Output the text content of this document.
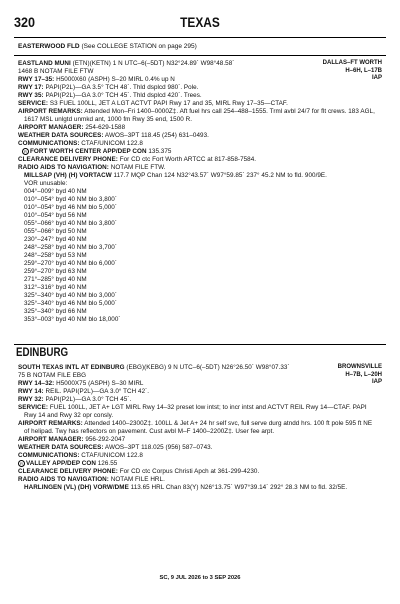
320	TEXAS
EASTERWOOD FLD (See COLLEGE STATION on page 295)
EASTLAND MUNI (ETN)(KETN) 1 N UTC–6(–5DT) N32°24.89´ W98°48.58´
1468 B NOTAM FILE FTW
RWY 17–35: H5000X60 (ASPH) S–20 MIRL 0.4% up N
RWY 17: PAPI(P2L)—GA 3.5° TCH 48´. Thld dsplcd 980´. Pole.
RWY 35: PAPI(P2L)—GA 3.0° TCH 45´. Thld dsplcd 420´. Trees.
SERVICE: S3 FUEL 100LL, JET A LGT ACTVT PAPI Rwy 17 and 35, MIRL Rwy 17–35—CTAF.
AIRPORT REMARKS: Attended Mon–Fri 1400–0000Z‡. Aft fuel hrs call 254–488–1555. Trml avbl 24/7 for flt crews. 183 AGL,
1617 MSL unlgtd unmkd ant, 1000 fm Rwy 35 end, 1500 R.
AIRPORT MANAGER: 254-629-1588
WEATHER DATA SOURCES: AWOS–3PT 118.45 (254) 631–0493.
COMMUNICATIONS: CTAF/UNICOM 122.8
R FORT WORTH CENTER APP/DEP CON 135.375
CLEARANCE DELIVERY PHONE: For CD ctc Fort Worth ARTCC at 817-858-7584.
RADIO AIDS TO NAVIGATION: NOTAM FILE FTW.
MILLSAP (VH) (H) VORTACW 117.7 MQP Chan 124 N32°43.57´ W97°59.85´ 237° 45.2 NM to fld. 900/9E.
VOR unusable:
004°–009° byd 40 NM
010°–054° byd 40 NM blo 3,800´
010°–054° byd 46 NM blo 5,000´
010°–054° byd 56 NM
055°–066° byd 40 NM blo 3,800´
055°–066° byd 50 NM
230°–247° byd 40 NM
248°–258° byd 40 NM blo 3,700´
248°–258° byd 53 NM
259°–270° byd 40 NM blo 6,000´
259°–270° byd 63 NM
271°–285° byd 40 NM
312°–316° byd 40 NM
325°–340° byd 40 NM blo 3,000´
325°–340° byd 46 NM blo 5,000´
325°–340° byd 66 NM
353°–003° byd 40 NM blo 18,000´
DALLAS–FT WORTH
H–6H, L–17B
IAP
EDINBURG
SOUTH TEXAS INTL AT EDINBURG (EBG)(KEBG) 9 N UTC–6(–5DT) N26°26.50´ W98°07.33´
75 B NOTAM FILE EBG
RWY 14–32: H5000X75 (ASPH) S–30 MIRL
RWY 14: REIL. PAPI(P2L)—GA 3.0° TCH 42´.
RWY 32: PAPI(P2L)—GA 3.0° TCH 45´.
SERVICE: FUEL 100LL, JET A+ LGT MIRL Rwy 14–32 preset low intst; to incr intst and ACTVT REIL Rwy 14—CTAF. PAPI
Rwy 14 and Rwy 32 opr consly.
AIRPORT REMARKS: Attended 1400–2300Z‡. 100LL & Jet A+ 24 hr self svc, full serve durg atndd hrs. 100 ft pole 595 ft NE
of helipad. Twy has reflectors on pavement. Cust avbl M–F 1400–2200Z‡. User fee arpt.
AIRPORT MANAGER: 956-292-2047
WEATHER DATA SOURCES: AWOS–3PT 118.025 (956) 587–0743.
COMMUNICATIONS: CTAF/UNICOM 122.8
R VALLEY APP/DEP CON 126.55
CLEARANCE DELIVERY PHONE: For CD ctc Corpus Christi Apch at 361-299-4230.
RADIO AIDS TO NAVIGATION: NOTAM FILE HRL.
HARLINGEN (VL) (DH) VORW/DME 113.65 HRL Chan 83(Y) N26°13.75´ W97°39.14´ 292° 28.3 NM to fld. 32/5E.
BROWNSVILLE
H–7B, L–20H
IAP
SC, 9 JUL 2026 to 3 SEP 2026
